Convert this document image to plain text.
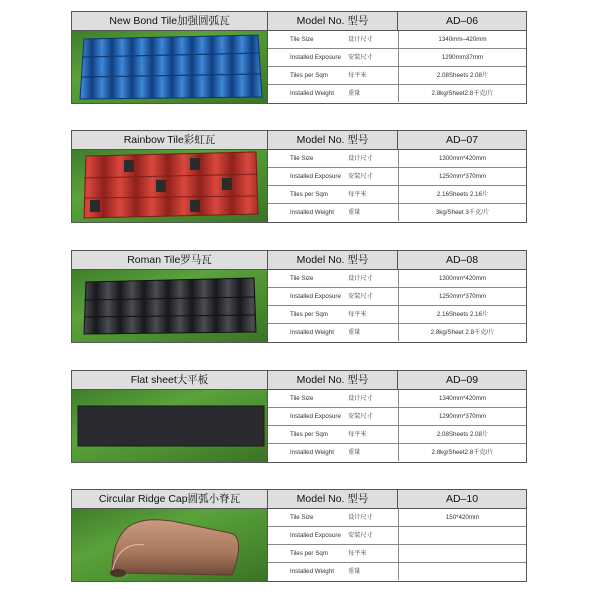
New Bond Tile加强圆弧瓦	Model No. 型号	AD–06
Tile Size	设计尺寸	1340mm–420mm
Installed Exposure 安装尺寸	1290mm37mm
Tiles per Sqm	每平米	2.08Sheets 2.08片
Installed Weight 重量	2.8kg/Sheet2.8千克/片
Rainbow Tile彩虹瓦	Model No. 型号	AD–07
Tile Size	设计尺寸	1300mm*420mm
Installed Exposure 安装尺寸	1250mm*370mm
Tiles per Sqm	每平米	2.16Sheets 2.16片
Installed Weight 重量	3kg/Sheet 3千克/片
Roman Tile罗马瓦	Model No. 型号	AD–08
Tile Size	设计尺寸	1300mm*420mm
Installed Exposure 安装尺寸	1250mm*370mm
Tiles per Sqm	每平米	2.16Sheets 2.16片
Installed Weight 重量	2.8kg/Sheet 2.8千克/片
Flat sheet大平板	Model No. 型号	AD–09
Tile Size	设计尺寸	1340mm*420mm
Installed Exposure 安装尺寸	1290mm*370mm
Tiles per Sqm	每平米	2.08Sheets 2.08片
Installed Weight 重量	2.8kg/Sheet2.8千克/片
Circular Ridge Cap圆弧小脊瓦	Model No. 型号	AD–10
Tile Size	设计尺寸	150*420mm
Installed Exposure 安装尺寸
Tiles per Sqm	每平米
Installed Weight 重量
